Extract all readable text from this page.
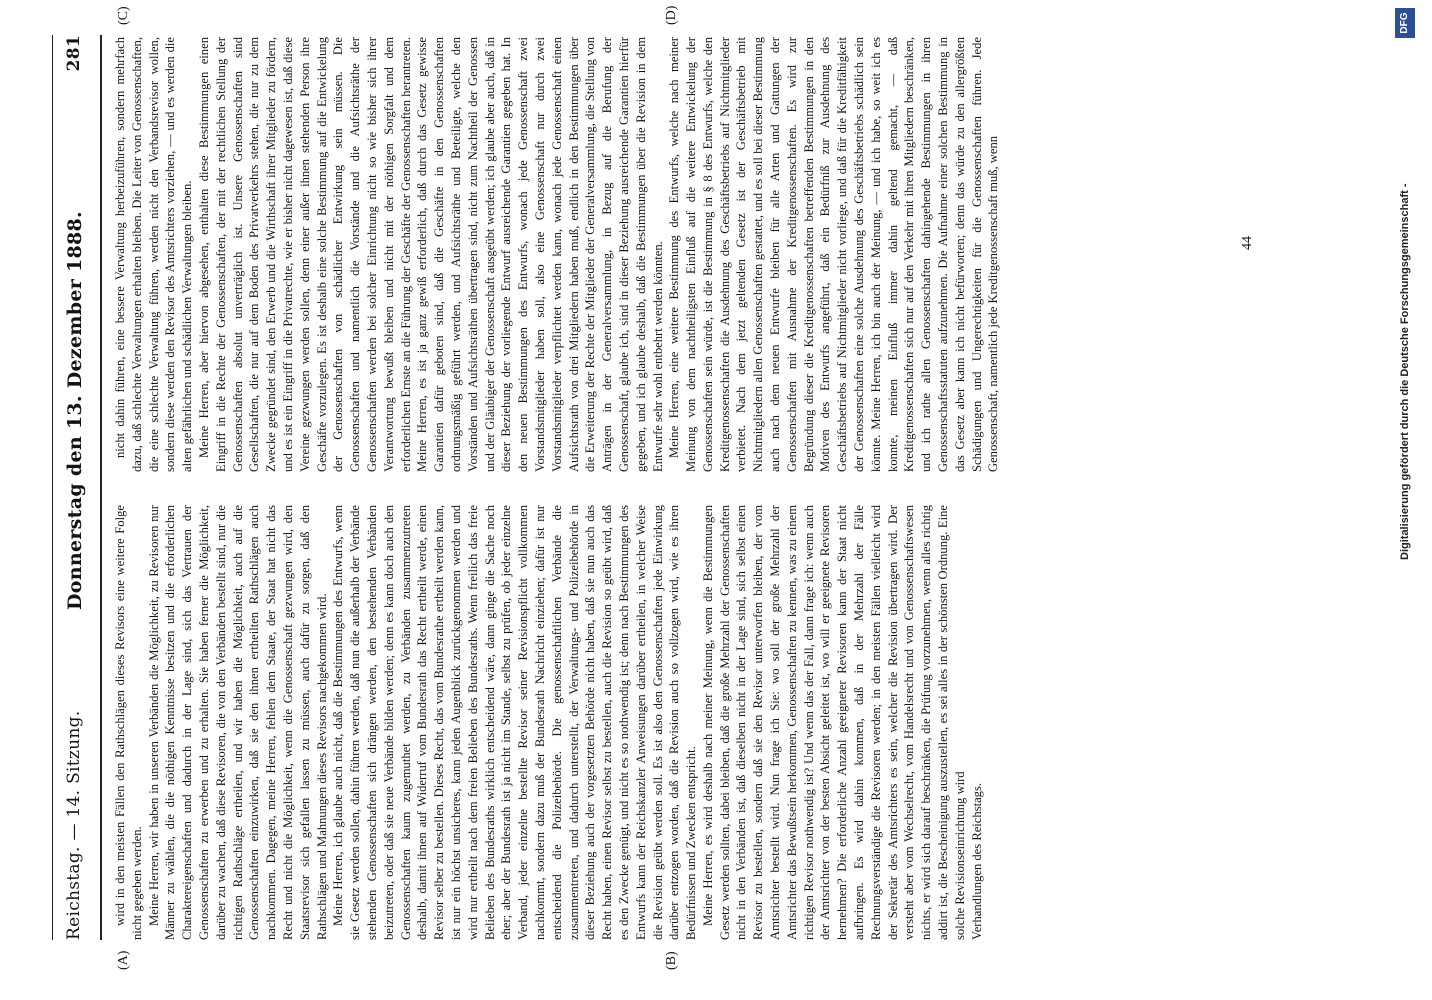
Reichstag. — 14. Sitzung.
Donnerstag den 13. Dezember 1888.
281
(A)	(B)
(C)	(D)

wird in den meisten Fällen den Rathschlägen dieses Revisors eine weitere Folge nicht gegeben werden. Meine Herren, wir haben in unseren Verbänden die Möglichkeit, zu Revisoren nur Männer zu wählen, die die nöthigen Kenntnisse besitzen und die erforderlichen Charaktereigenschaften und dadurch in der Lage sind, sich das Vertrauen der Genossenschaften zu erwerben und zu erhalten. Sie haben ferner die Möglichkeit, darüber zu wachen, daß diese Revisoren, die von den Verbänden bestellt sind, nur die richtigen Rathschläge ertheilen, und wir haben die Möglichkeit, auch auf die Genossenschaften einzuwirken, daß sie den ihnen ertheilten Rathschlägen auch nachkommen. Dagegen, meine Herren, fehlen dem Staate, der Staat hat nicht das Recht und nicht die Möglichkeit, wenn die Genossenschaft gezwungen wird, den Staatsrevisor sich gefallen lassen zu müssen, auch dafür zu sorgen, daß den Rathschlägen und Mahnungen dieses Revisors nachgekommen wird. Meine Herren, ich glaube auch nicht, daß die Bestimmungen des Entwurfs, wenn sie Gesetz werden sollen, dahin führen werden, daß nun die außerhalb der Verbände stehenden Genossenschaften sich drängen werden, den bestehenden Verbänden beizutreten, oder daß sie neue Verbände bilden werden; denn es kann doch auch den Genossenschaften kaum zugemuthet werden, zu Verbänden zusammenzutreten deshalb, damit ihnen auf Widerruf vom Bundesrath das Recht ertheilt werde, einen Revisor selber zu bestellen. Dieses Recht, das vom Bundesrathe ertheilt werden kann, ist nur ein höchst unsicheres, kann jeden Augenblick zurückgenommen werden und wird nur ertheilt nach dem freien Belieben des Bundesraths. Wenn freilich das freie Belieben des Bundesraths wirklich entscheidend wäre, dann ginge die Sache noch eher; aber der Bundesrath ist ja nicht im Stande, selbst zu prüfen, ob jeder einzelne Verband, jeder einzelne bestellte Revisor seiner Revisionspflicht vollkommen nachkommt, sondern dazu muß der Bundesrath Nachricht einziehen; dafür ist nur entscheidend die Polizeibehörde. Die genossenschaftlichen Verbände die zusammentreten, und dadurch unterstellt, der Verwaltungs- und Polizeibehörde in dieser Beziehung auch der vorgesetzten Behörde nicht haben, daß sie nun auch das Recht haben, einen Revisor selbst zu bestellen, auch die Revision so geübt wird, daß es den Zwecke genügt, und nicht es so nothwendig ist; denn nach Bestimmungen des Entwurfs kann der Reichskanzler Anweisungen darüber ertheilen, in welcher Weise die Revision geübt werden soll. Es ist also den Genossenschaften jede Einwirkung darüber entzogen worden, daß die Revision auch so vollzogen wird, wie es ihren Bedürfnissen und Zwecken entspricht. Meine Herren, es wird deshalb nach meiner Meinung, wenn die Bestimmungen Gesetz werden sollten, dabei bleiben, daß die große Mehrzahl der Genossenschaften nicht in den Verbänden ist, daß dieselben nicht in der Lage sind, sich selbst einen Revisor zu bestellen, sondern daß sie den Revisor unterworfen bleiben, der vom Amtsrichter bestellt wird. Nun frage ich Sie: wo soll der große Mehrzahl der Amtsrichter das Bewußtsein herkommen, Genossenschaften zu kennen, was zu einem richtigen Revisor nothwendig ist? Und wenn das der Fall, dann frage ich: wenn auch der Amtsrichter von der besten Absicht geleitet ist, wo will er geeignete Revisoren hernehmen? Die erforderliche Anzahl geeigneter Revisoren kann der Staat nicht aufbringen. Es wird dahin kommen, daß in der Mehrzahl der Fälle Rechnungsverständige die Revisoren werden; in den meisten Fällen vielleicht wird der Sekretär des Amtsrichters es sein, welcher die Revision übertragen wird. Der versteht aber vom Wechselrecht, vom Handelsrecht und von Genossenschaftswesen nichts, er wird sich darauf beschränken, die Prüfung vorzunehmen, wenn alles richtig addirt ist, die Bescheinigung auszustellen, es sei alles in der schönsten Ordnung. Eine solche Revisionseinrichtung wird Verhandlungen des Reichstags.

nicht dahin führen, eine bessere Verwaltung herbeizuführen, sondern mehrfach dazu, daß schlechte Verwaltungen erhalten bleiben. Die Leiter von Genossenschaften, die eine schlechte Verwaltung führen, werden nicht den Verbandsrevisor wollen, sondern diese werden den Revisor des Amtsrichters vorziehen, — und es werden die alten gefährlichen und schädlichen Verwaltungen bleiben. Meine Herren, aber hiervon abgesehen, enthalten diese Bestimmungen einen Eingriff in die Rechte der Genossenschaften, der mit der rechtlichen Stellung der Genossenschaften absolut unverträglich ist. Unsere Genossenschaften sind Gesellschaften, die nur auf dem Boden des Privatverkehrs stehen, die nur zu dem Zwecke gegründet sind, den Erwerb und die Wirthschaft ihrer Mitglieder zu fördern, und es ist ein Eingriff in die Privatrechte, wie er bisher nicht dagewesen ist, daß diese Vereine gezwungen werden sollen, denn einer außer ihnen stehenden Person ihre Geschäfte vorzulegen. Es ist deshalb eine solche Bestimmung auf die Entwickelung der Genossenschaften von schädlicher Entwirkung sein müssen. Die Genossenschaften und namentlich die Vorstände und die Aufsichtsräthe der Genossenschaften werden bei solcher Einrichtung nicht so wie bisher sich ihrer Verantwortung bewußt bleiben und nicht mit der nöthigen Sorgfalt und dem erforderlichen Ernste an die Führung der Geschäfte der Genossenschaften herantreten. Meine Herren, es ist ja ganz gewiß erforderlich, daß durch das Gesetz gewisse Garantien dafür geboten sind, daß die Geschäfte in den Genossenschaften ordnungsmäßig geführt werden, und Aufsichtsräthe und Beteiligte, welche den Vorständen und Aufsichtsräthen übertragen sind, nicht zum Nachtheil der Genossen und der Gläubiger der Genossenschaft ausgeübt werden; ich glaube aber auch, daß in dieser Beziehung der vorliegende Entwurf ausreichende Garantien gegeben hat. In den neuen Bestimmungen des Entwurfs, wonach jede Genossenschaft zwei Vorstandsmitglieder haben soll, also eine Genossenschaft nur durch zwei Vorstandsmitglieder verpflichtet werden kann, wonach jede Genossenschaft einen Aufsichtsrath von drei Mitgliedern haben muß, endlich in den Bestimmungen über die Erweiterung der Rechte der Mitglieder der Generalversammlung, die Stellung von Anträgen in der Generalversammlung, in Bezug auf die Berufung der Genossenschaft, glaube ich, sind in dieser Beziehung ausreichende Garantien hierfür gegeben, und ich glaube deshalb, daß die Bestimmungen über die Revision in dem Entwurfe sehr wohl entbehrt werden könnten. Meine Herren, eine weitere Bestimmung des Entwurfs, welche nach meiner Meinung von dem nachtheiligsten Einfluß auf die weitere Entwickelung der Genossenschaften sein würde, ist die Bestimmung in § 8 des Entwurfs, welche den Kreditgenossenschaften die Ausdehnung des Geschäftsbetriebs auf Nichtmitglieder verbietet. Nach dem jetzt geltenden Gesetz ist der Geschäftsbetrieb mit Nichtmitgliedern allen Genossenschaften gestattet, und es soll bei dieser Bestimmung auch nach dem neuen Entwurfe bleiben für alle Arten und Gattungen der Genossenschaften mit Ausnahme der Kreditgenossenschaften. Es wird zur Begründung dieser die Kreditgenossenschaften betreffenden Bestimmungen in den Motiven des Entwurfs angeführt, daß ein Bedürfniß zur Ausdehnung des Geschäftsbetriebs auf Nichtmitglieder nicht vorliege, und daß für die Kreditfähigkeit der Genossenschaften eine solche Ausdehnung des Geschäftsbetriebs schädlich sein könnte. Meine Herren, ich bin auch der Meinung, — und ich habe, so weit ich es konnte, meinen Einfluß immer dahin geltend gemacht, — daß Kreditgenossenschaften sich nur auf den Verkehr mit ihren Mitgliedern beschränken, und ich rathe allen Genossenschaften dahingehende Bestimmungen in ihren Genossenschaftsstatuten aufzunehmen. Die Aufnahme einer solchen Bestimmung in das Gesetz aber kann ich nicht befürworten; denn das würde zu den allergrößten Schädigungen und Ungerechtigkeiten für die Genossenschaften führen. Jede Genossenschaft, namentlich jede Kreditgenossenschaft muß, wenn	44	Digitalisierung gefördert durch die Deutsche Forschungsgemeinschaft -
DFG
